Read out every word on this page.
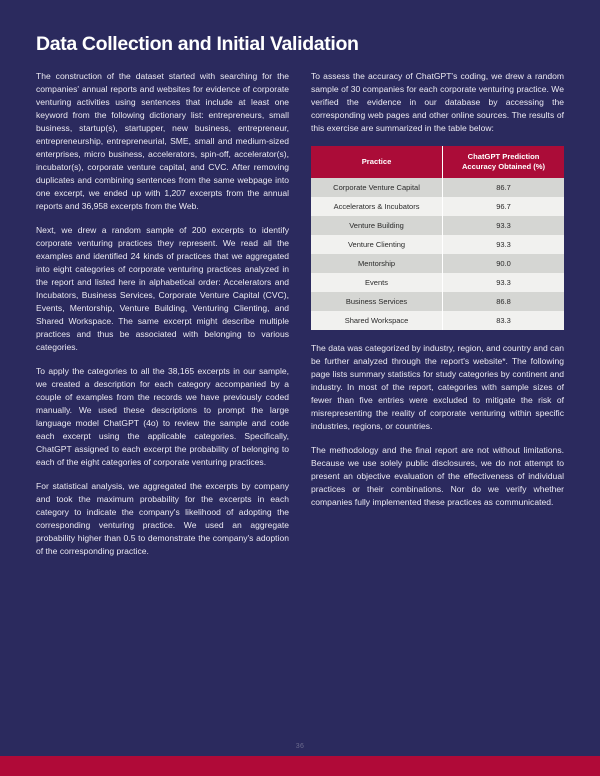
Data Collection and Initial Validation

The construction of the dataset started with searching for the companies' annual reports and websites for evidence of corporate venturing activities using sentences that include at least one keyword from the following dictionary list: entrepreneurs, small business, startup(s), startupper, new business, entrepreneur, entrepreneurship, entrepreneurial, SME, small and medium-sized enterprises, micro business, accelerators, spin-off, accelerator(s), incubator(s), corporate venture capital, and CVC. After removing duplicates and combining sentences from the same webpage into one excerpt, we ended up with 1,207 excerpts from the annual reports and 36,958 excerpts from the Web.

Next, we drew a random sample of 200 excerpts to identify corporate venturing practices they represent. We read all the examples and identified 24 kinds of practices that we aggregated into eight categories of corporate venturing practices analyzed in the report and listed here in alphabetical order: Accelerators and Incubators, Business Services, Corporate Venture Capital (CVC), Events, Mentorship, Venture Building, Venturing Clienting, and Shared Workspace. The same excerpt might describe multiple practices and thus be associated with belonging to various categories.

To apply the categories to all the 38,165 excerpts in our sample, we created a description for each category accompanied by a couple of examples from the records we have previously coded manually. We used these descriptions to prompt the large language model ChatGPT (4o) to review the sample and code each excerpt using the applicable categories. Specifically, ChatGPT assigned to each excerpt the probability of belonging to each of the eight categories of corporate venturing practices.

For statistical analysis, we aggregated the excerpts by company and took the maximum probability for the excerpts in each category to indicate the company's likelihood of adopting the corresponding venturing practice. We used an aggregate probability higher than 0.5 to demonstrate the company's adoption of the corresponding practice.

To assess the accuracy of ChatGPT's coding, we drew a random sample of 30 companies for each corporate venturing practice. We verified the evidence in our database by accessing the corresponding web pages and other online sources. The results of this exercise are summarized in the table below:

Practice	ChatGPT Prediction
Accuracy Obtained (%)
Corporate Venture Capital	86.7
Accelerators & Incubators	96.7
Venture Building	93.3
Venture Clienting	93.3
Mentorship	90.0
Events	93.3
Business Services	86.8
Shared Workspace	83.3

The data was categorized by industry, region, and country and can be further analyzed through the report's website*. The following page lists summary statistics for study categories by continent and industry. In most of the report, categories with sample sizes of fewer than five entries were excluded to mitigate the risk of misrepresenting the reality of corporate venturing within specific industries, regions, or countries.

The methodology and the final report are not without limitations. Because we use solely public disclosures, we do not attempt to present an objective evaluation of the effectiveness of individual practices or their combinations. Nor do we verify whether companies fully implemented these practices as communicated.

36
